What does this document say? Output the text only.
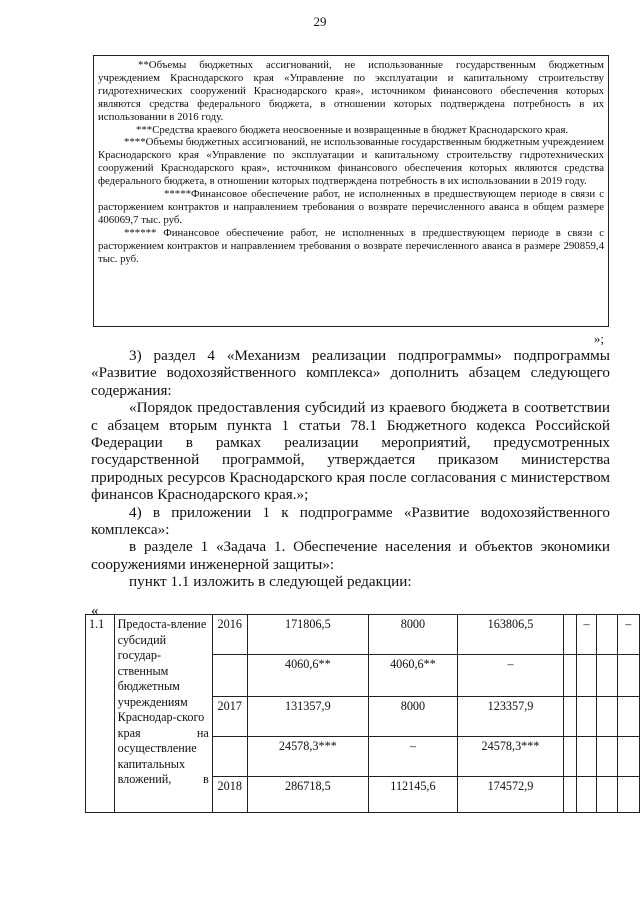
29

**Объемы бюджетных ассигнований, не использованные государственным бюджетным учреждением Краснодарского края «Управление по эксплуатации и капитальному строительству гидротехнических сооружений Краснодарского края», источником финансового обеспечения которых являются средства федерального бюджета, в отношении которых подтверждена потребность в их использовании в 2016 году.

***Средства краевого бюджета неосвоенные и возвращенные в бюджет Краснодарского края.

****Объемы бюджетных ассигнований, не использованные государственным бюджетным учреждением Краснодарского края «Управление по эксплуатации и капитальному строительству гидротехнических сооружений Краснодарского края», источником финансового обеспечения которых являются средства федерального бюджета, в отношении которых подтверждена потребность в их использовании в 2019 году.

*****Финансовое обеспечение работ, не исполненных в предшествующем периоде в связи с расторжением контрактов и направлением требования о возврате перечисленного аванса в общем размере 406069,7 тыс. руб.

****** Финансовое обеспечение работ, не исполненных в предшествующем периоде в связи с расторжением контрактов и направлением требования о возврате перечисленного аванса в размере 290859,4 тыс. руб.

»;

3) раздел 4 «Механизм реализации подпрограммы» подпрограммы «Развитие водохозяйственного комплекса» дополнить абзацем следующего содержания:

«Порядок предоставления субсидий из краевого бюджета в соответствии с абзацем вторым пункта 1 статьи 78.1 Бюджетного кодекса Российской Федерации в рамках реализации мероприятий, предусмотренных государственной программой, утверждается приказом министерства природных ресурсов Краснодарского края после согласования с министерством финансов Краснодарского края.»;

4) в приложении 1 к подпрограмме «Развитие водохозяйственного комплекса»:

в разделе 1 «Задача 1. Обеспечение населения и объектов экономики сооружениями инженерной защиты»:

пункт 1.1 изложить в следующей редакции:

«
1.1	Предоста-вление субсидий государ-ственным бюджетным учреждениям Краснодар-ского края на осуществление капитальных вложений, в	2016	171806,5	8000	163806,5		–		–
			4060,6**	4060,6**	–				
		2017	131357,9	8000	123357,9				
			24578,3***	–	24578,3***				
		2018	286718,5	112145,6	174572,9				
